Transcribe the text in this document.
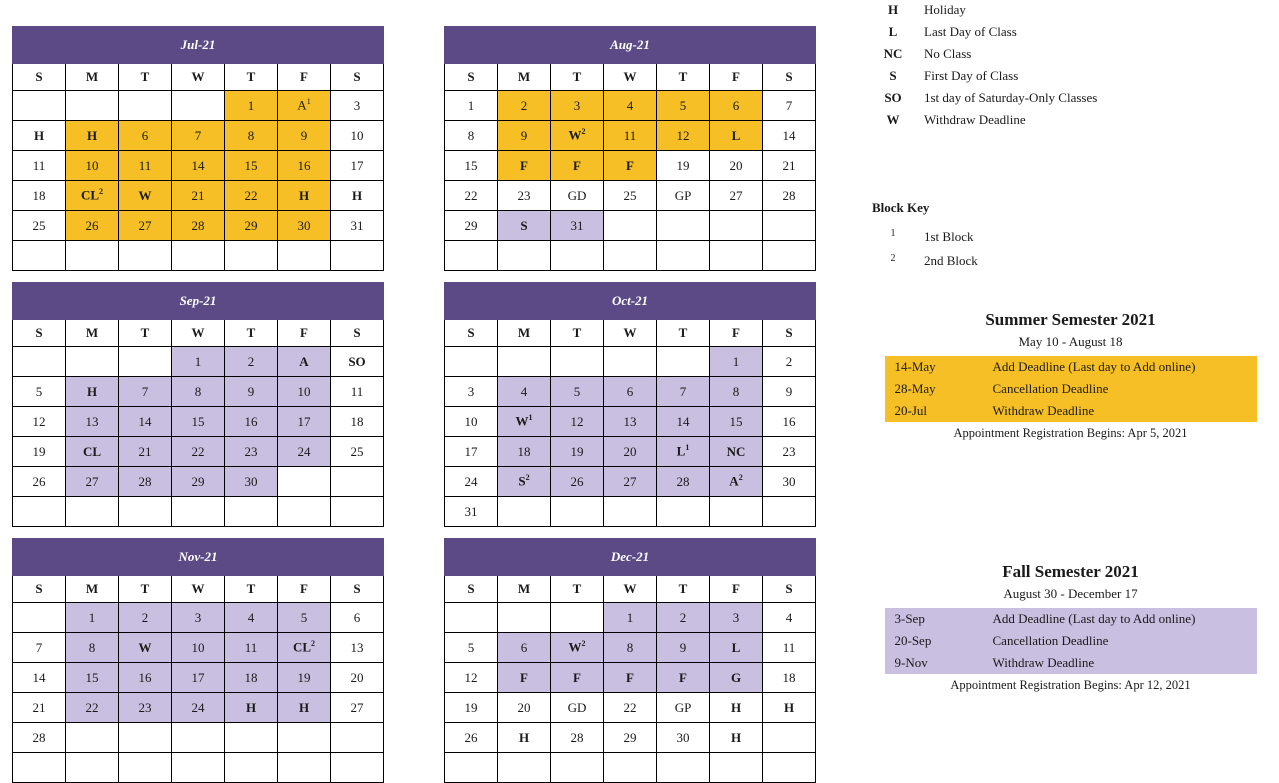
Jul-21						
S	M	T	W	T	F	S
				1	$A^1$	3
H	H	6	7	8	9	10
11	10	11	14	15	16	17
18	$CL^2$	W	21	22	H	H
25	26	27	28	29	30	31

Aug-21						
S	M	T	W	T	F	S
1	2	3	4	5	6	7
8	9	$W^2$	11	12	L	14
15	F	F	F	19	20	21
22	23	GD	25	GP	27	28
29	S	31				

Sep-21						
S	M	T	W	T	F	S
			1	2	A	SO
5	H	7	8	9	10	11
12	13	14	15	16	17	18
19	CL	21	22	23	24	25
26	27	28	29	30		

Oct-21						
S	M	T	W	T	F	S
					1	2
3	4	5	6	7	8	9
10	$W^1$	12	13	14	15	16
17	18	19	20	$L^1$	NC	23
24	$S^2$	26	27	28	$A^2$	30
31						
Nov-21						
S	M	T	W	T	F	S
	1	2	3	4	5	6
7	8	W	10	11	$CL^2$	13
14	15	16	17	18	19	20
21	22	23	24	H	H	27
28						

Dec-21						
S	M	T	W	T	F	S
			1	2	3	4
5	6	$W^2$	8	9	L	11
12	F	F	F	F	G	18
19	20	GD	22	GP	H	H
26	H	28	29	30	H	

H	Holiday
L	Last Day of Class
NC	No Class
S	First Day of Class
SO	1st day of Saturday-Only Classes
W	Withdraw Deadline
Block Key
$^1$	1st Block
$^2$	2nd Block
Summer Semester 2021
May 10 - August 18
14-May	Add Deadline (Last day to Add online)
28-May	Cancellation Deadline
20-Jul	Withdraw Deadline
Appointment Registration Begins: Apr 5, 2021
Fall Semester 2021
August 30 - December 17
3-Sep	Add Deadline (Last day to Add online)
20-Sep	Cancellation Deadline
9-Nov	Withdraw Deadline
Appointment Registration Begins: Apr 12, 2021
